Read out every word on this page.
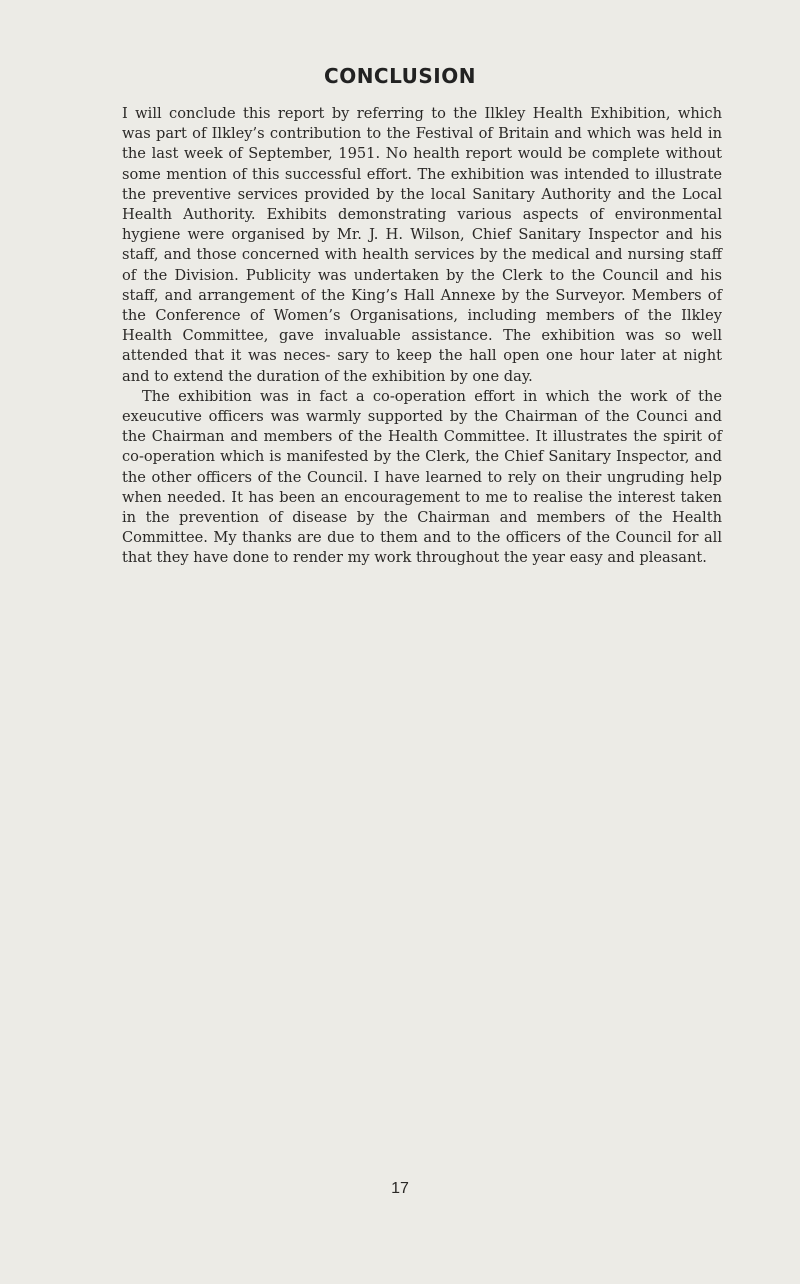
CONCLUSION

I will conclude this report by referring to the Ilkley Health Exhibition, which was part of Ilkley’s contribution to the Festival of Britain and which was held in the last week of September, 1951. No health report would be complete without some mention of this successful effort. The exhibition was intended to illustrate the preventive services provided by the local Sanitary Authority and the Local Health Authority. Exhibits demonstrating various aspects of environmental hygiene were organised by Mr. J. H. Wilson, Chief Sanitary Inspector and his staff, and those concerned with health services by the medical and nursing staff of the Division. Publicity was undertaken by the Clerk to the Council and his staff, and arrangement of the King’s Hall Annexe by the Surveyor. Members of the Conference of Women’s Organisations, including members of the Ilkley Health Committee, gave invaluable assistance. The exhibition was so well attended that it was neces- sary to keep the hall open one hour later at night and to extend the duration of the exhibition by one day.

The exhibition was in fact a co-operation effort in which the work of the exeucutive officers was warmly supported by the Chairman of the Counci and the Chairman and members of the Health Committee. It illustrates the spirit of co-operation which is manifested by the Clerk, the Chief Sanitary Inspector, and the other officers of the Council. I have learned to rely on their ungruding help when needed. It has been an encouragement to me to realise the interest taken in the prevention of disease by the Chairman and members of the Health Committee. My thanks are due to them and to the officers of the Council for all that they have done to render my work throughout the year easy and pleasant.

17
